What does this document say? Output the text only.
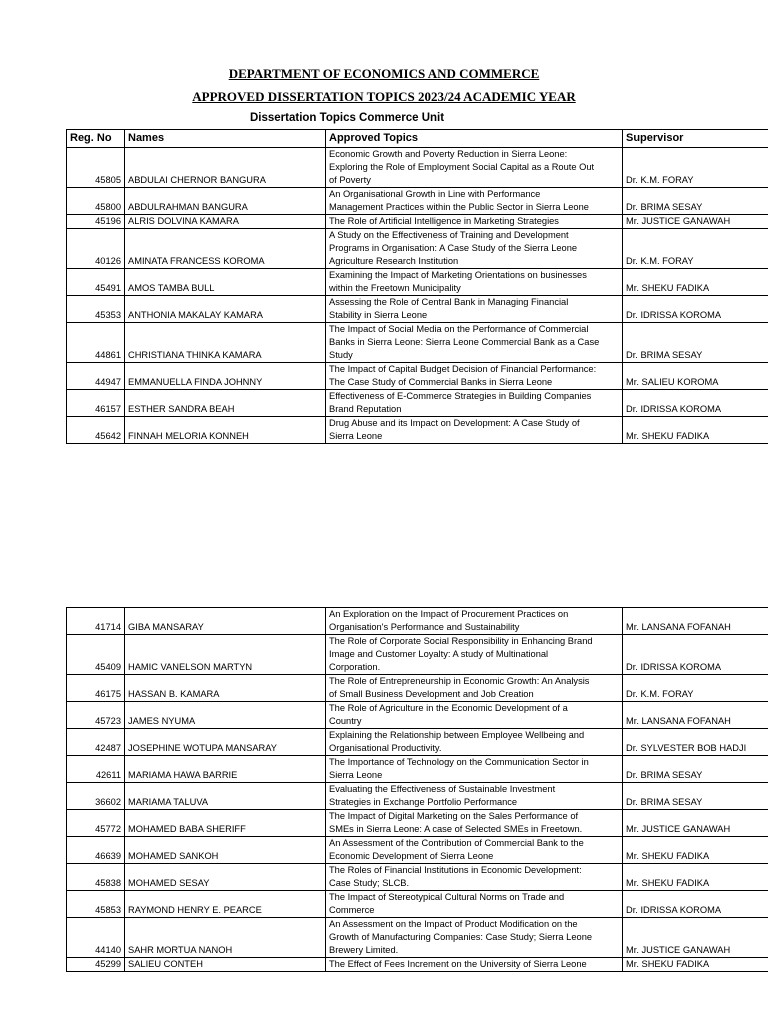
DEPARTMENT OF ECONOMICS AND COMMERCE
APPROVED DISSERTATION TOPICS 2023/24 ACADEMIC YEAR
Dissertation Topics Commerce Unit
Reg. No	Names	Approved Topics	Supervisor
45805	ABDULAI CHERNOR BANGURA	Economic Growth and Poverty Reduction in Sierra Leone:
Exploring the Role of Employment Social Capital as a Route Out
of Poverty	Dr. K.M. FORAY
45800	ABDULRAHMAN BANGURA	An Organisational Growth in Line with Performance
Management Practices within the Public Sector in Sierra Leone	Dr. BRIMA SESAY
45196	ALRIS DOLVINA KAMARA	The Role of Artificial Intelligence in Marketing Strategies	Mr. JUSTICE GANAWAH
40126	AMINATA FRANCESS KOROMA	A Study on the Effectiveness of Training and Development
Programs in Organisation: A Case Study of the Sierra Leone
Agriculture Research Institution	Dr. K.M. FORAY
45491	AMOS TAMBA BULL	Examining the Impact of Marketing Orientations on businesses
within the Freetown Municipality	Mr. SHEKU FADIKA
45353	ANTHONIA MAKALAY KAMARA	Assessing the Role of Central Bank in Managing Financial
Stability in Sierra Leone	Dr. IDRISSA KOROMA
44861	CHRISTIANA THINKA KAMARA	The Impact of Social Media on the Performance of Commercial
Banks in Sierra Leone: Sierra Leone Commercial Bank as a Case
Study	Dr. BRIMA SESAY
44947	EMMANUELLA FINDA JOHNNY	The Impact of Capital Budget Decision of Financial Performance:
The Case Study of Commercial Banks in Sierra Leone	Mr. SALIEU KOROMA
46157	ESTHER SANDRA BEAH	Effectiveness of E-Commerce Strategies in Building Companies
Brand Reputation	Dr. IDRISSA KOROMA
45642	FINNAH MELORIA KONNEH	Drug Abuse and its Impact on Development: A Case Study of
Sierra Leone	Mr. SHEKU FADIKA
41714	GIBA MANSARAY	An Exploration on the Impact of Procurement Practices on
Organisation's Performance and Sustainability	Mr. LANSANA FOFANAH
45409	HAMIC VANELSON MARTYN	The Role of Corporate Social Responsibility in Enhancing Brand
Image and Customer Loyalty: A study of Multinational
Corporation.	Dr. IDRISSA KOROMA
46175	HASSAN B. KAMARA	The Role of Entrepreneurship in Economic Growth: An Analysis
of Small Business Development and Job Creation	Dr. K.M. FORAY
45723	JAMES NYUMA	The Role of Agriculture in the Economic Development of a
Country	Mr. LANSANA FOFANAH
42487	JOSEPHINE WOTUPA MANSARAY	Explaining the Relationship between Employee Wellbeing and
Organisational Productivity.	Dr. SYLVESTER BOB HADJI
42611	MARIAMA HAWA BARRIE	The Importance of Technology on the Communication Sector in
Sierra Leone	Dr. BRIMA SESAY
36602	MARIAMA TALUVA	Evaluating the Effectiveness of Sustainable Investment
Strategies in Exchange Portfolio Performance	Dr. BRIMA SESAY
45772	MOHAMED BABA SHERIFF	The Impact of Digital Marketing on the Sales Performance of
SMEs in Sierra Leone: A case of Selected SMEs in Freetown.	Mr. JUSTICE GANAWAH
46639	MOHAMED SANKOH	An Assessment of the Contribution of Commercial Bank to the
Economic Development of Sierra Leone	Mr. SHEKU FADIKA
45838	MOHAMED SESAY	The Roles of Financial Institutions in Economic Development:
Case Study; SLCB.	Mr. SHEKU FADIKA
45853	RAYMOND HENRY E. PEARCE	The Impact of Stereotypical Cultural Norms on Trade and
Commerce	Dr. IDRISSA KOROMA
44140	SAHR MORTUA NANOH	An Assessment on the Impact of Product Modification on the
Growth of Manufacturing Companies: Case Study; Sierra Leone
Brewery Limited.	Mr. JUSTICE GANAWAH
45299	SALIEU CONTEH	The Effect of Fees Increment on the University of Sierra Leone	Mr. SHEKU FADIKA
